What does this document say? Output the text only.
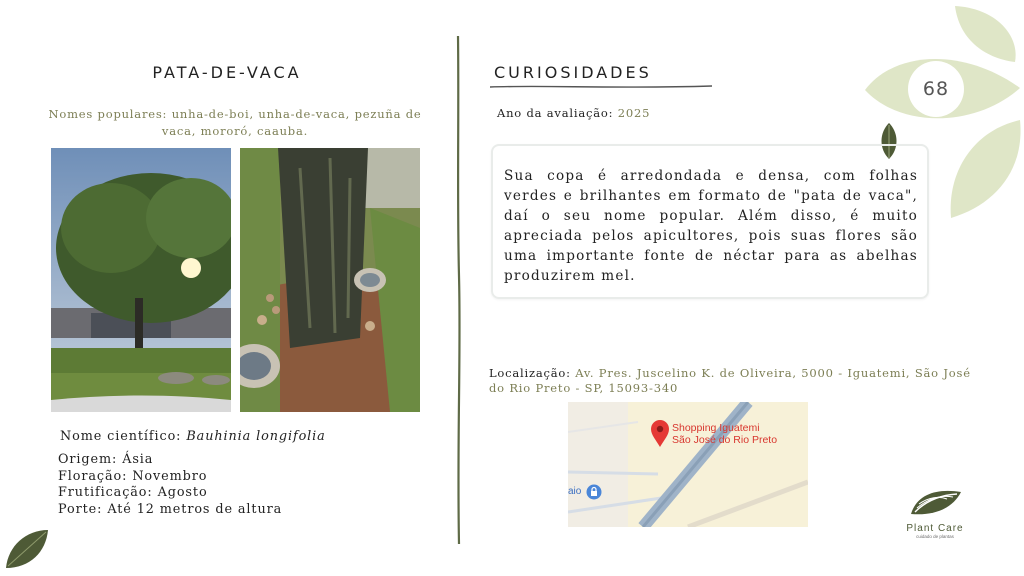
68
PATA-DE-VACA
Nomes populares: unha-de-boi, unha-de-vaca, pezuña de vaca, mororó, caauba.
Nome científico: Bauhinia longifolia
Origem: Ásia
Floração: Novembro
Frutificação: Agosto
Porte: Até 12 metros de altura
CURIOSIDADES
Ano da avaliação: 2025

Sua copa é arredondada e densa, com folhas verdes e brilhantes em formato de "pata de vaca", daí o seu nome popular. Além disso, é muito apreciada pelos apicultores, pois suas flores são uma importante fonte de néctar para as abelhas produzirem mel.

Localização: Av. Pres. Juscelino K. de Oliveira, 5000 - Iguatemi, São José do Rio Preto - SP, 15093-340
Shopping Iguatemi
São José do Rio Preto
aio
Plant Care
cuidado de plantas
